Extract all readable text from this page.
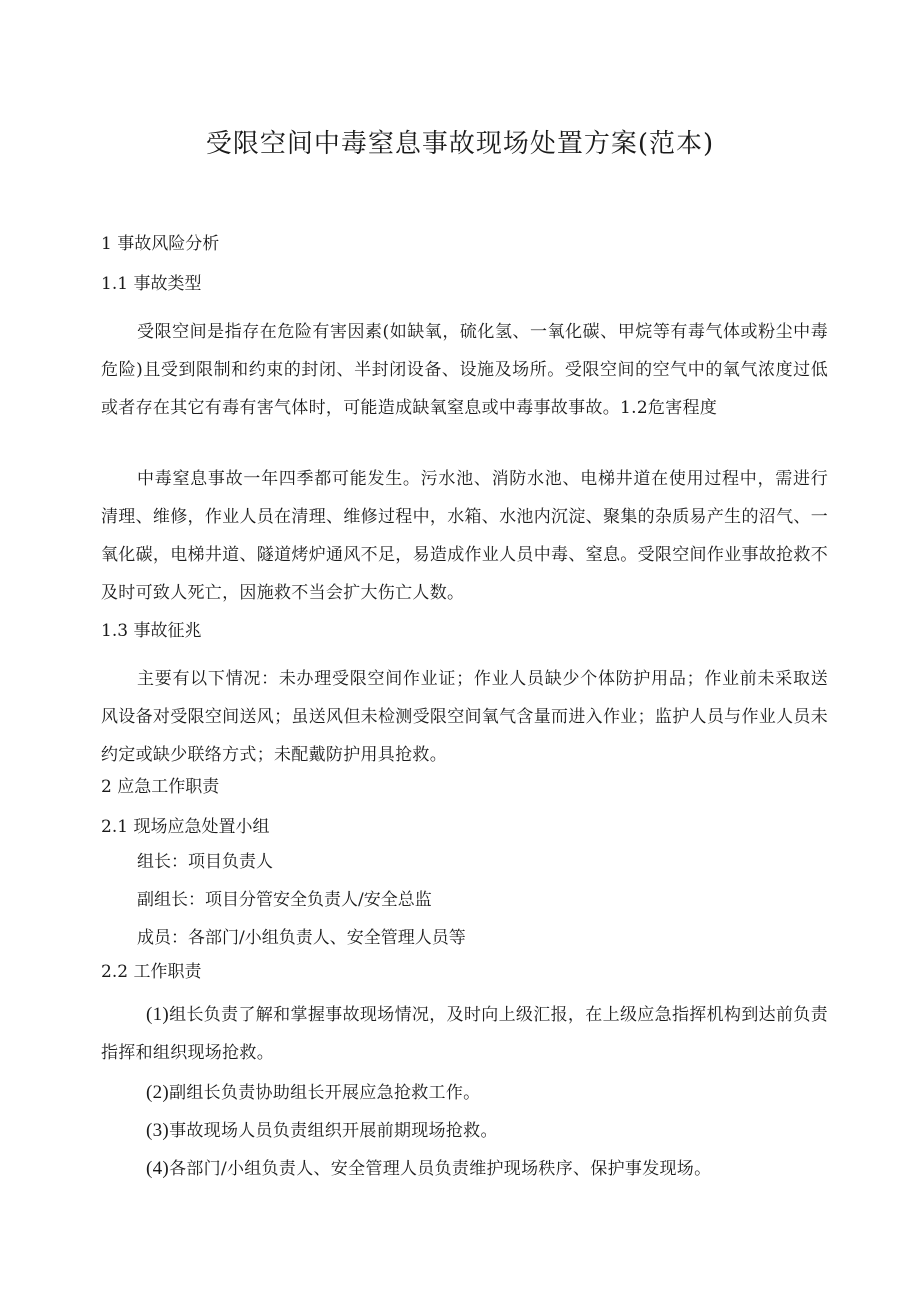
受限空间中毒窒息事故现场处置方案(范本)
1 事故风险分析
1.1 事故类型
受限空间是指存在危险有害因素(如缺氧，硫化氢、一氧化碳、甲烷等有毒气体或粉尘中毒危险)且受到限制和约束的封闭、半封闭设备、设施及场所。受限空间的空气中的氧气浓度过低或者存在其它有毒有害气体时，可能造成缺氧窒息或中毒事故事故。1.2危害程度
中毒窒息事故一年四季都可能发生。污水池、消防水池、电梯井道在使用过程中，需进行清理、维修，作业人员在清理、维修过程中，水箱、水池内沉淀、聚集的杂质易产生的沼气、一氧化碳，电梯井道、隧道烤炉通风不足，易造成作业人员中毒、窒息。受限空间作业事故抢救不及时可致人死亡，因施救不当会扩大伤亡人数。
1.3 事故征兆
主要有以下情况：未办理受限空间作业证；作业人员缺少个体防护用品；作业前未采取送风设备对受限空间送风；虽送风但未检测受限空间氧气含量而进入作业；监护人员与作业人员未约定或缺少联络方式；未配戴防护用具抢救。
2 应急工作职责
2.1 现场应急处置小组
组长：项目负责人
副组长：项目分管安全负责人/安全总监
成员：各部门/小组负责人、安全管理人员等
2.2 工作职责
(1)组长负责了解和掌握事故现场情况，及时向上级汇报，在上级应急指挥机构到达前负责指挥和组织现场抢救。
(2)副组长负责协助组长开展应急抢救工作。
(3)事故现场人员负责组织开展前期现场抢救。
(4)各部门/小组负责人、安全管理人员负责维护现场秩序、保护事发现场。
